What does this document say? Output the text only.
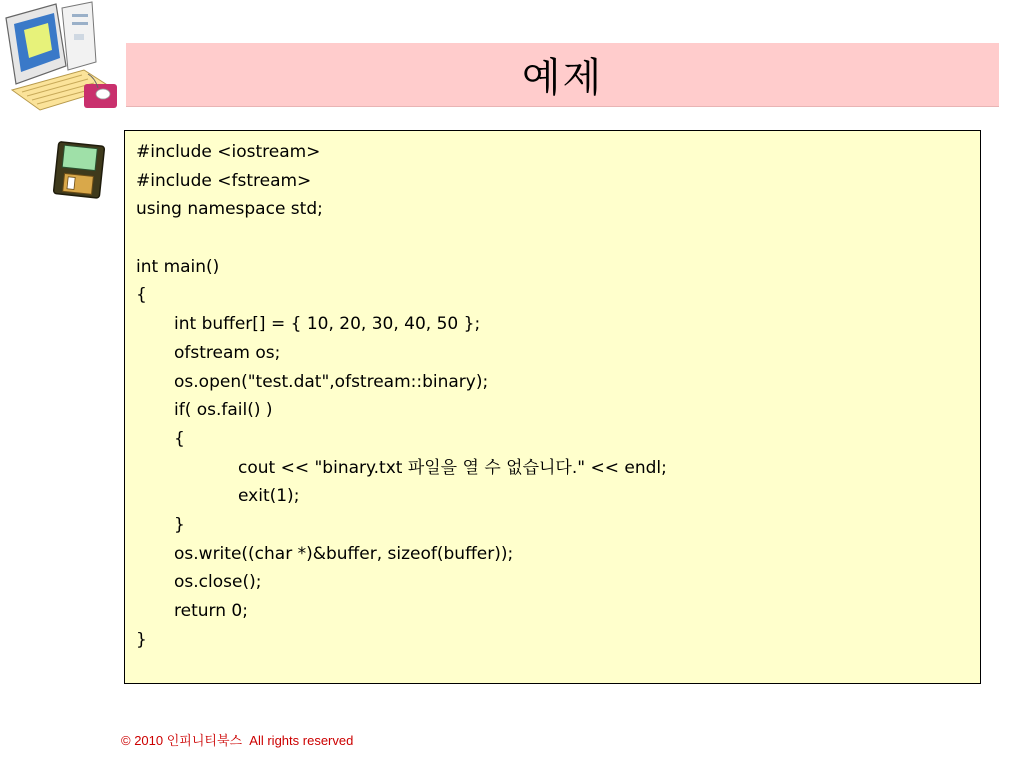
예제
#include <iostream>
#include <fstream>
using namespace std;
int main()
{
int buffer[] = { 10, 20, 30, 40, 50 };
ofstream os;
os.open("test.dat",ofstream::binary);
if( os.fail() )
{
cout << "binary.txt 파일을 열 수 없습니다." << endl;
exit(1);
}
os.write((char *)&buffer, sizeof(buffer));
os.close();
return 0;
}
© 2010 인피니티북스  All rights reserved
